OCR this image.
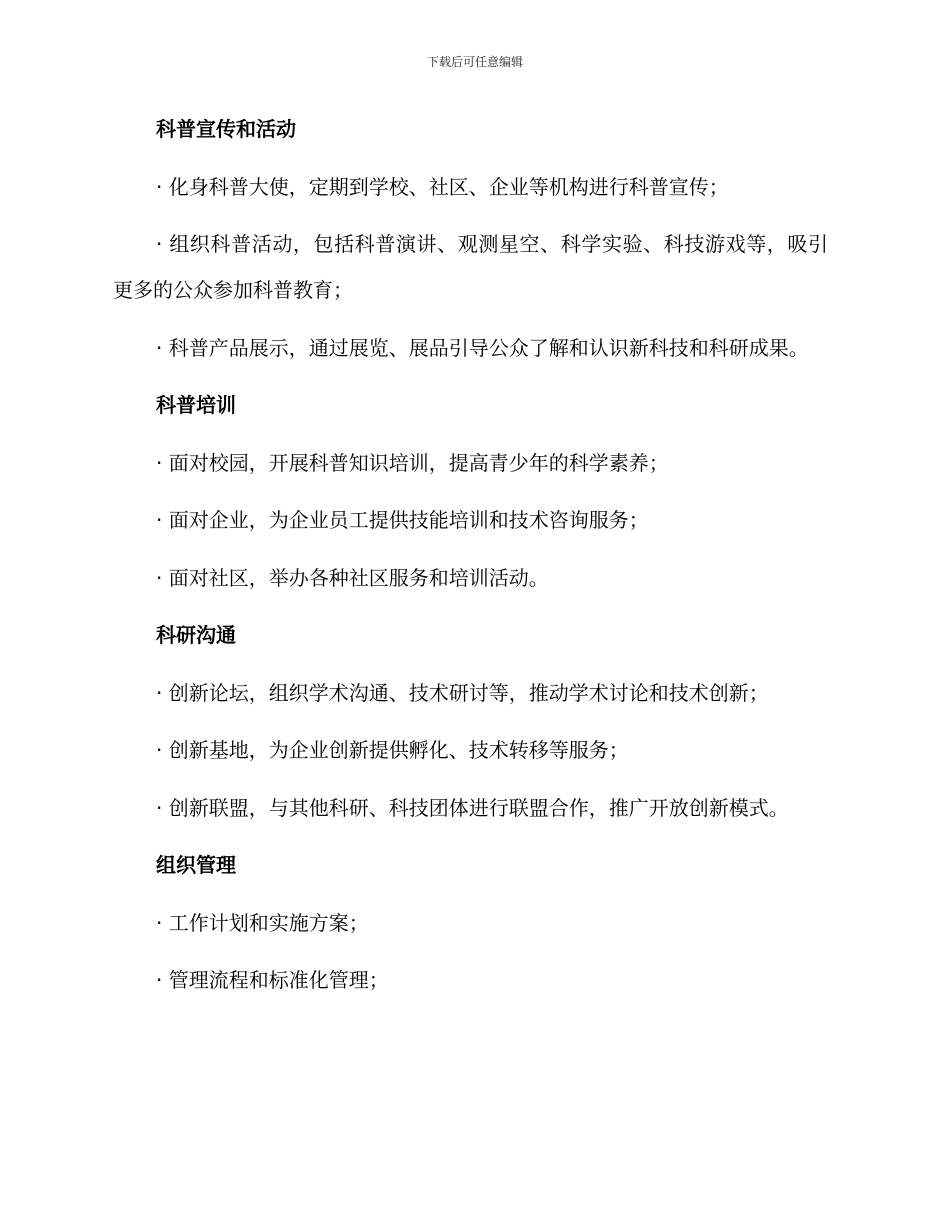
下载后可任意编辑
科普宣传和活动
· 化身科普大使，定期到学校、社区、企业等机构进行科普宣传；
· 组织科普活动，包括科普演讲、观测星空、科学实验、科技游戏等，吸引更多的公众参加科普教育；
· 科普产品展示，通过展览、展品引导公众了解和认识新科技和科研成果。
科普培训
· 面对校园，开展科普知识培训，提高青少年的科学素养；
· 面对企业，为企业员工提供技能培训和技术咨询服务；
· 面对社区，举办各种社区服务和培训活动。
科研沟通
· 创新论坛，组织学术沟通、技术研讨等，推动学术讨论和技术创新；
· 创新基地，为企业创新提供孵化、技术转移等服务；
· 创新联盟，与其他科研、科技团体进行联盟合作，推广开放创新模式。
组织管理
· 工作计划和实施方案；
· 管理流程和标准化管理；
